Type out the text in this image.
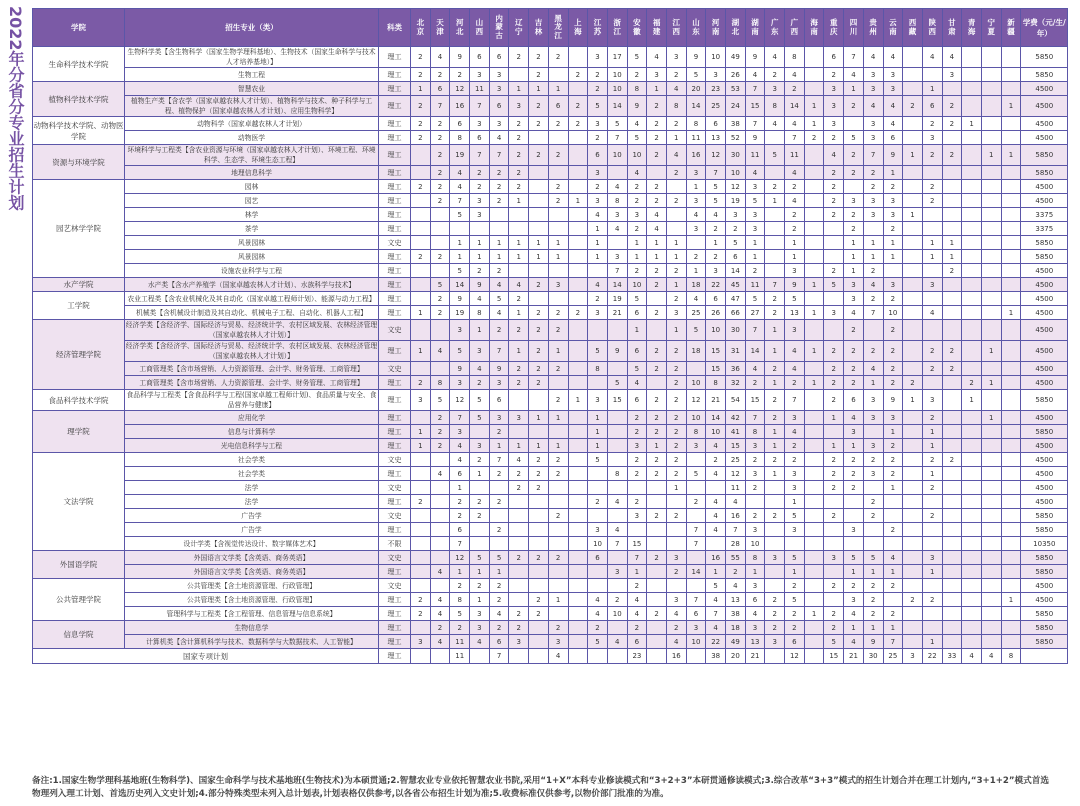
2022年分省分专业招生计划	学院	招生专业（类）	科类	北京	天津	河北	山西	内蒙古	辽宁	吉林	黑龙江	上海	江苏	浙江	安徽	福建	江西	山东	河南	湖北	湖南	广东	广西	海南	重庆	四川	贵州	云南	西藏	陕西	甘肃	青海	宁夏	新疆	学费（元/生/年）
生命科学技术学院	生物科学类【含生物科学（国家生物学理科基地）、生物技术（国家生命科学与技术人才培养基地）】	理工	2	4	9	6	6	2	2	2		3	17	5	4	3	9	10	49	9	4	8		6	7	4	4		4	4				5850
	生物工程	理工	2	2	2	3	3		2		2	2	10	2	3	2	5	3	26	4	2	4		2	4	3	3			3				5850
植物科学技术学院	智慧农业	理工	1	6	12	11	3	1	1	1		2	10	8	1	4	20	23	53	7	3	2		3	1	3	3		1					4500
	植物生产类【含农学（国家卓越农林人才计划）、植物科学与技术、种子科学与工程、植物保护（国家卓越农林人才计划）、应用生物科学】	理工	2	7	16	7	6	3	2	6	2	5	14	9	2	8	14	25	24	15	8	14	1	3	2	4	4	2	6	2			1	4500
动物科学技术学院、动物医学院	动物科学（国家卓越农林人才计划）	理工	2	2	6	3	3	2	2	2	2	3	5	4	2	2	8	6	38	7	4	4	1	3		3	4		2	2	1			4500
	动物医学	理工	2	2	8	6	4	2				2	7	5	2	1	11	13	52	9		7	2	2	5	3	6		3					4500
资源与环境学院	环境科学与工程类【含农业资源与环境（国家卓越农林人才计划）、环境工程、环境科学、生态学、环境生态工程】	理工		2	19	7	7	2	2	2		6	10	10	2	4	16	12	30	11	5	11		4	2	7	9	1	2	2		1	1	5850
	地理信息科学	理工		2	4	2	2	2				3		4		2	3	7	10	4		4		2	2	2	1							5850
园艺林学学院	园林	理工	2	2	4	2	2	2		2		2	4	2	2		1	5	12	3	2	2		2		2	2		2					4500
	园艺	理工		2	7	3	2	1		2	1	3	8	2	2	2	3	5	19	5	1	4		2	3	3	3		2					4500
	林学	理工			5	3						4	3	3	4		4	4	3	3		2		2	2	3	3	1						3375
	茶学	理工										1	4	2	4		3	2	2	3		2			2		2							3375
	风景园林	文史			1	1	1	1	1	1		1		1	1	1		1	5	1		1			1	1	1		1	1				5850
	风景园林	理工	2	2	1	1	1	1	1	1		1	3	1	1	1	2	2	6	1		1			1	1	1		1	1				5850
	设施农业科学与工程	理工			5	2	2						7	2	2	2	1	3	14	2		3		2	1	2				2				4500
水产学院	水产类【含水产养殖学（国家卓越农林人才计划）、水族科学与技术】	理工		5	14	9	4	4	2	3		4	14	10	2	1	18	22	45	11	7	9	1	5	3	4	3		3					4500
工学院	农业工程类【含农业机械化及其自动化（国家卓越工程师计划）、能源与动力工程】	理工		2	9	4	5	2				2	19	5		2	4	6	47	5	2	5			3	2	2							4500
	机械类【含机械设计制造及其自动化、机械电子工程、自动化、机器人工程】	理工	1	2	19	8	4	1	2	2	2	3	21	6	2	3	25	26	66	27	2	13	1	3	4	7	10		4				1	4500
经济管理学院	经济学类【含经济学、国际经济与贸易、经济统计学、农村区域发展、农林经济管理（国家卓越农林人才计划）】	文史			3	1	2	2	2	2				1		1	5	10	30	7	1	3			2		2							4500
	经济学类【含经济学、国际经济与贸易、经济统计学、农村区域发展、农林经济管理（国家卓越农林人才计划）】	理工	1	4	5	3	7	1	2	1		5	9	6	2	2	18	15	31	14	1	4	1	2	2	2	2		2	2		1		4500
	工商管理类【含市场营销、人力资源管理、会计学、财务管理、工商管理】	文史			9	4	9	2	2	2		8		5	2	2		15	36	4	2	4		2	2	4	2		2	2				4500
	工商管理类【含市场营销、人力资源管理、会计学、财务管理、工商管理】	理工	2	8	3	2	3	2	2				5	4		2	10	8	32	2	1	2	1	2	2	1	2	2			2	1		4500
食品科学技术学院	食品科学与工程类【含食品科学与工程(国家卓越工程师计划)、食品质量与安全、食品营养与健康】	理工	3	5	12	5	6			2	1	3	15	6	2	2	12	21	54	15	2	7		2	6	3	9	1	3		1			5850
理学院	应用化学	理工		2	7	5	3	3	1	1		1		2	2	2	10	14	42	7	2	3		1	4	3	3		2			1		4500
	信息与计算科学	理工	1	2	3		2					1		2	2	2	8	10	41	8	1	4			3		1		1					5850
	光电信息科学与工程	理工	1	2	4	3	1	1	1	1		1		3	1	2	3	4	15	3	1	2		1	1	3	2		1					4500
文法学院	社会学类	文史			4	2	7	4	2	2		5		2	2	2		2	25	2	2	2		2	2	2	2		2	2				4500
	社会学类	理工		4	6	1	2	2	2	2			8	2	2	2	5	4	12	3	1	3		2	2	3	2		1					4500
	法学	文史			1			2	2							1			11	2		3		2	2		1		2					4500
	法学	理工	2		2	2	2					2	4	2			2	4	4			1				2								4500
	广告学	文史			2	2				2				3	2	2		4	16	2	2	5		2		2			2					5850
	广告学	理工			6		2					3	4				7	4	7	3		3			3		2							5850
	设计学类【含视觉传达设计、数字媒体艺术】	不限			7							10	7	15			7		28	10														10350
外国语学院	外国语言文学类【含英语、商务英语】	文史			12	5	5	2	2	2		6		7	2	3		16	55	8	3	5		3	5	5	4		3					5850
	外国语言文学类【含英语、商务英语】	理工		4	1	1	1						3	1		2	14	1	2	1		1			1	1	1		1					5850
公共管理学院	公共管理类【含土地资源管理、行政管理】	文史			2	2	2							2				5	4	3		2		2	2	2	2							4500
	公共管理类【含土地资源管理、行政管理】	理工	2	4	8	1	2		2	1		4	2	4		3	7	4	13	6	2	5			3	2		2	2				1	4500
	管理科学与工程类【含工程管理、信息管理与信息系统】	理工	2	4	5	3	4	2	2			4	10	4	2	4	6	7	38	4	2	2	1	2	4	2	2							5850
信息学院	生物信息学	理工		2	2	3	2	2		2		2		2		2	3	4	18	3	2	2		2	1	1	1							5850
	计算机类【含计算机科学与技术、数据科学与大数据技术、人工智能】	理工	3	4	11	4	6	3		3		5	4	6		4	10	22	49	13	3	6		5	4	9	7		1					5850
国家专项计划		理工			11		7			4				23		16		38	20	21		12		15	21	30	25	3	22	33	4	4	8	
备注:1.国家生物学理科基地班(生物科学)、国家生命科学与技术基地班(生物技术)为本硕贯通;2.智慧农业专业依托智慧农业书院,采用“1+X”本科专业修读模式和“3+2+3”本研贯通修读模式;3.综合改革“3+3”模式的招生计划合并在理工计划内,“3+1+2”模式首选
物理列入理工计划、首选历史列入文史计划;4.部分特殊类型未列入总计划表,计划表格仅供参考,以各省公布招生计划为准;5.收费标准仅供参考,以物价部门批准的为准。
